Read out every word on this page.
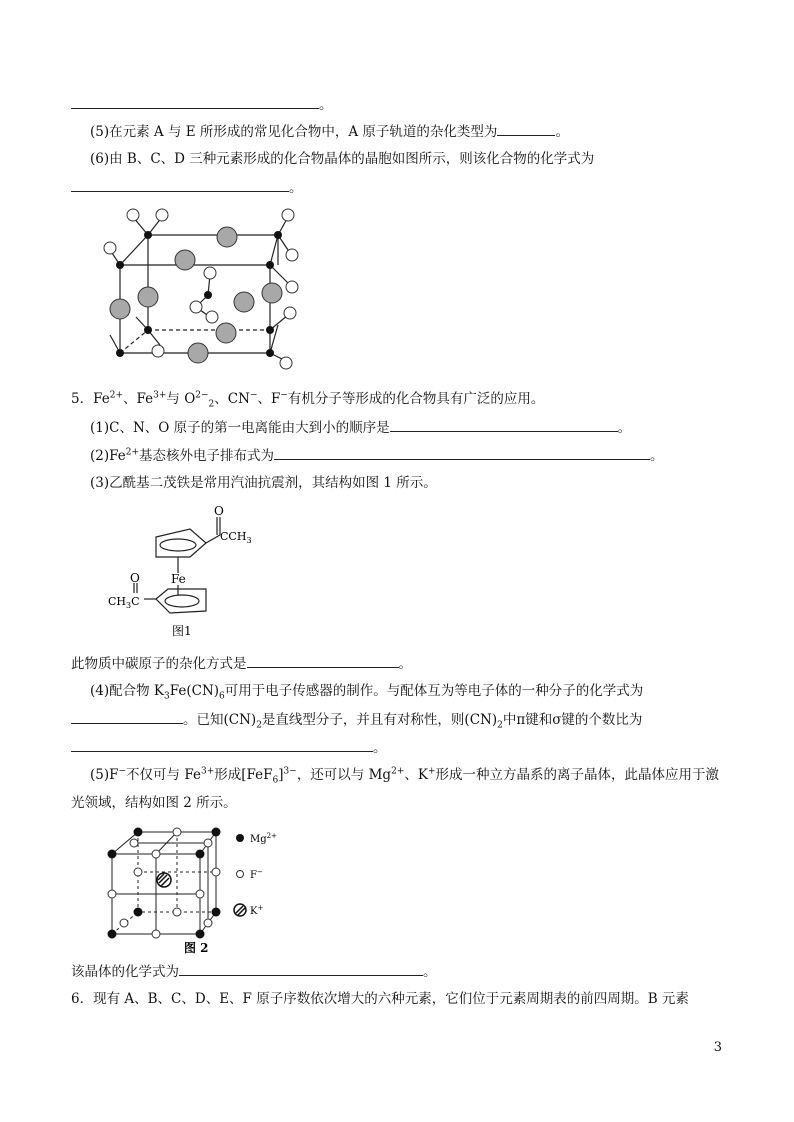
。
(5)在元素 A 与 E 所形成的常见化合物中，A 原子轨道的杂化类型为	。
(6)由 B、C、D 三种元素形成的化合物晶体的晶胞如图所示，则该化合物的化学式为
。
5．$Fe^{2+}$、$Fe^{3+}$与 $O^{2-}_2$、CN−、F−有机分子等形成的化合物具有广泛的应用。
(1)C、N、O 原子的第一电离能由大到小的顺序是	。
$(2)Fe^{2+}$基态核外电子排布式为	。
(3)乙酰基二茂铁是常用汽油抗震剂，其结构如图 1 所示。
O
$CCH_3$
Fe
O
$CH_3C$
图1
此物质中碳原子的杂化方式是	。
(4)配合物 $K_3Fe(CN)_6$可用于电子传感器的制作。与配体互为等电子体的一种分子的化学式为
。已知$(CN)_2$是直线型分子，并且有对称性，则$(CN)_2$中π键和σ键的个数比为
。
(5)F−不仅可与 $Fe^{3+}$形成$[FeF_6]^{3-}$，还可以与 $Mg^{2+}$、K+形成一种立方晶系的离子晶体，此晶体应用于激
光领域，结构如图 2 所示。
$Mg^{2+}$
F−
K+
图 2
该晶体的化学式为	。
6．现有 A、B、C、D、E、F 原子序数依次增大的六种元素，它们位于元素周期表的前四周期。B 元素
3
